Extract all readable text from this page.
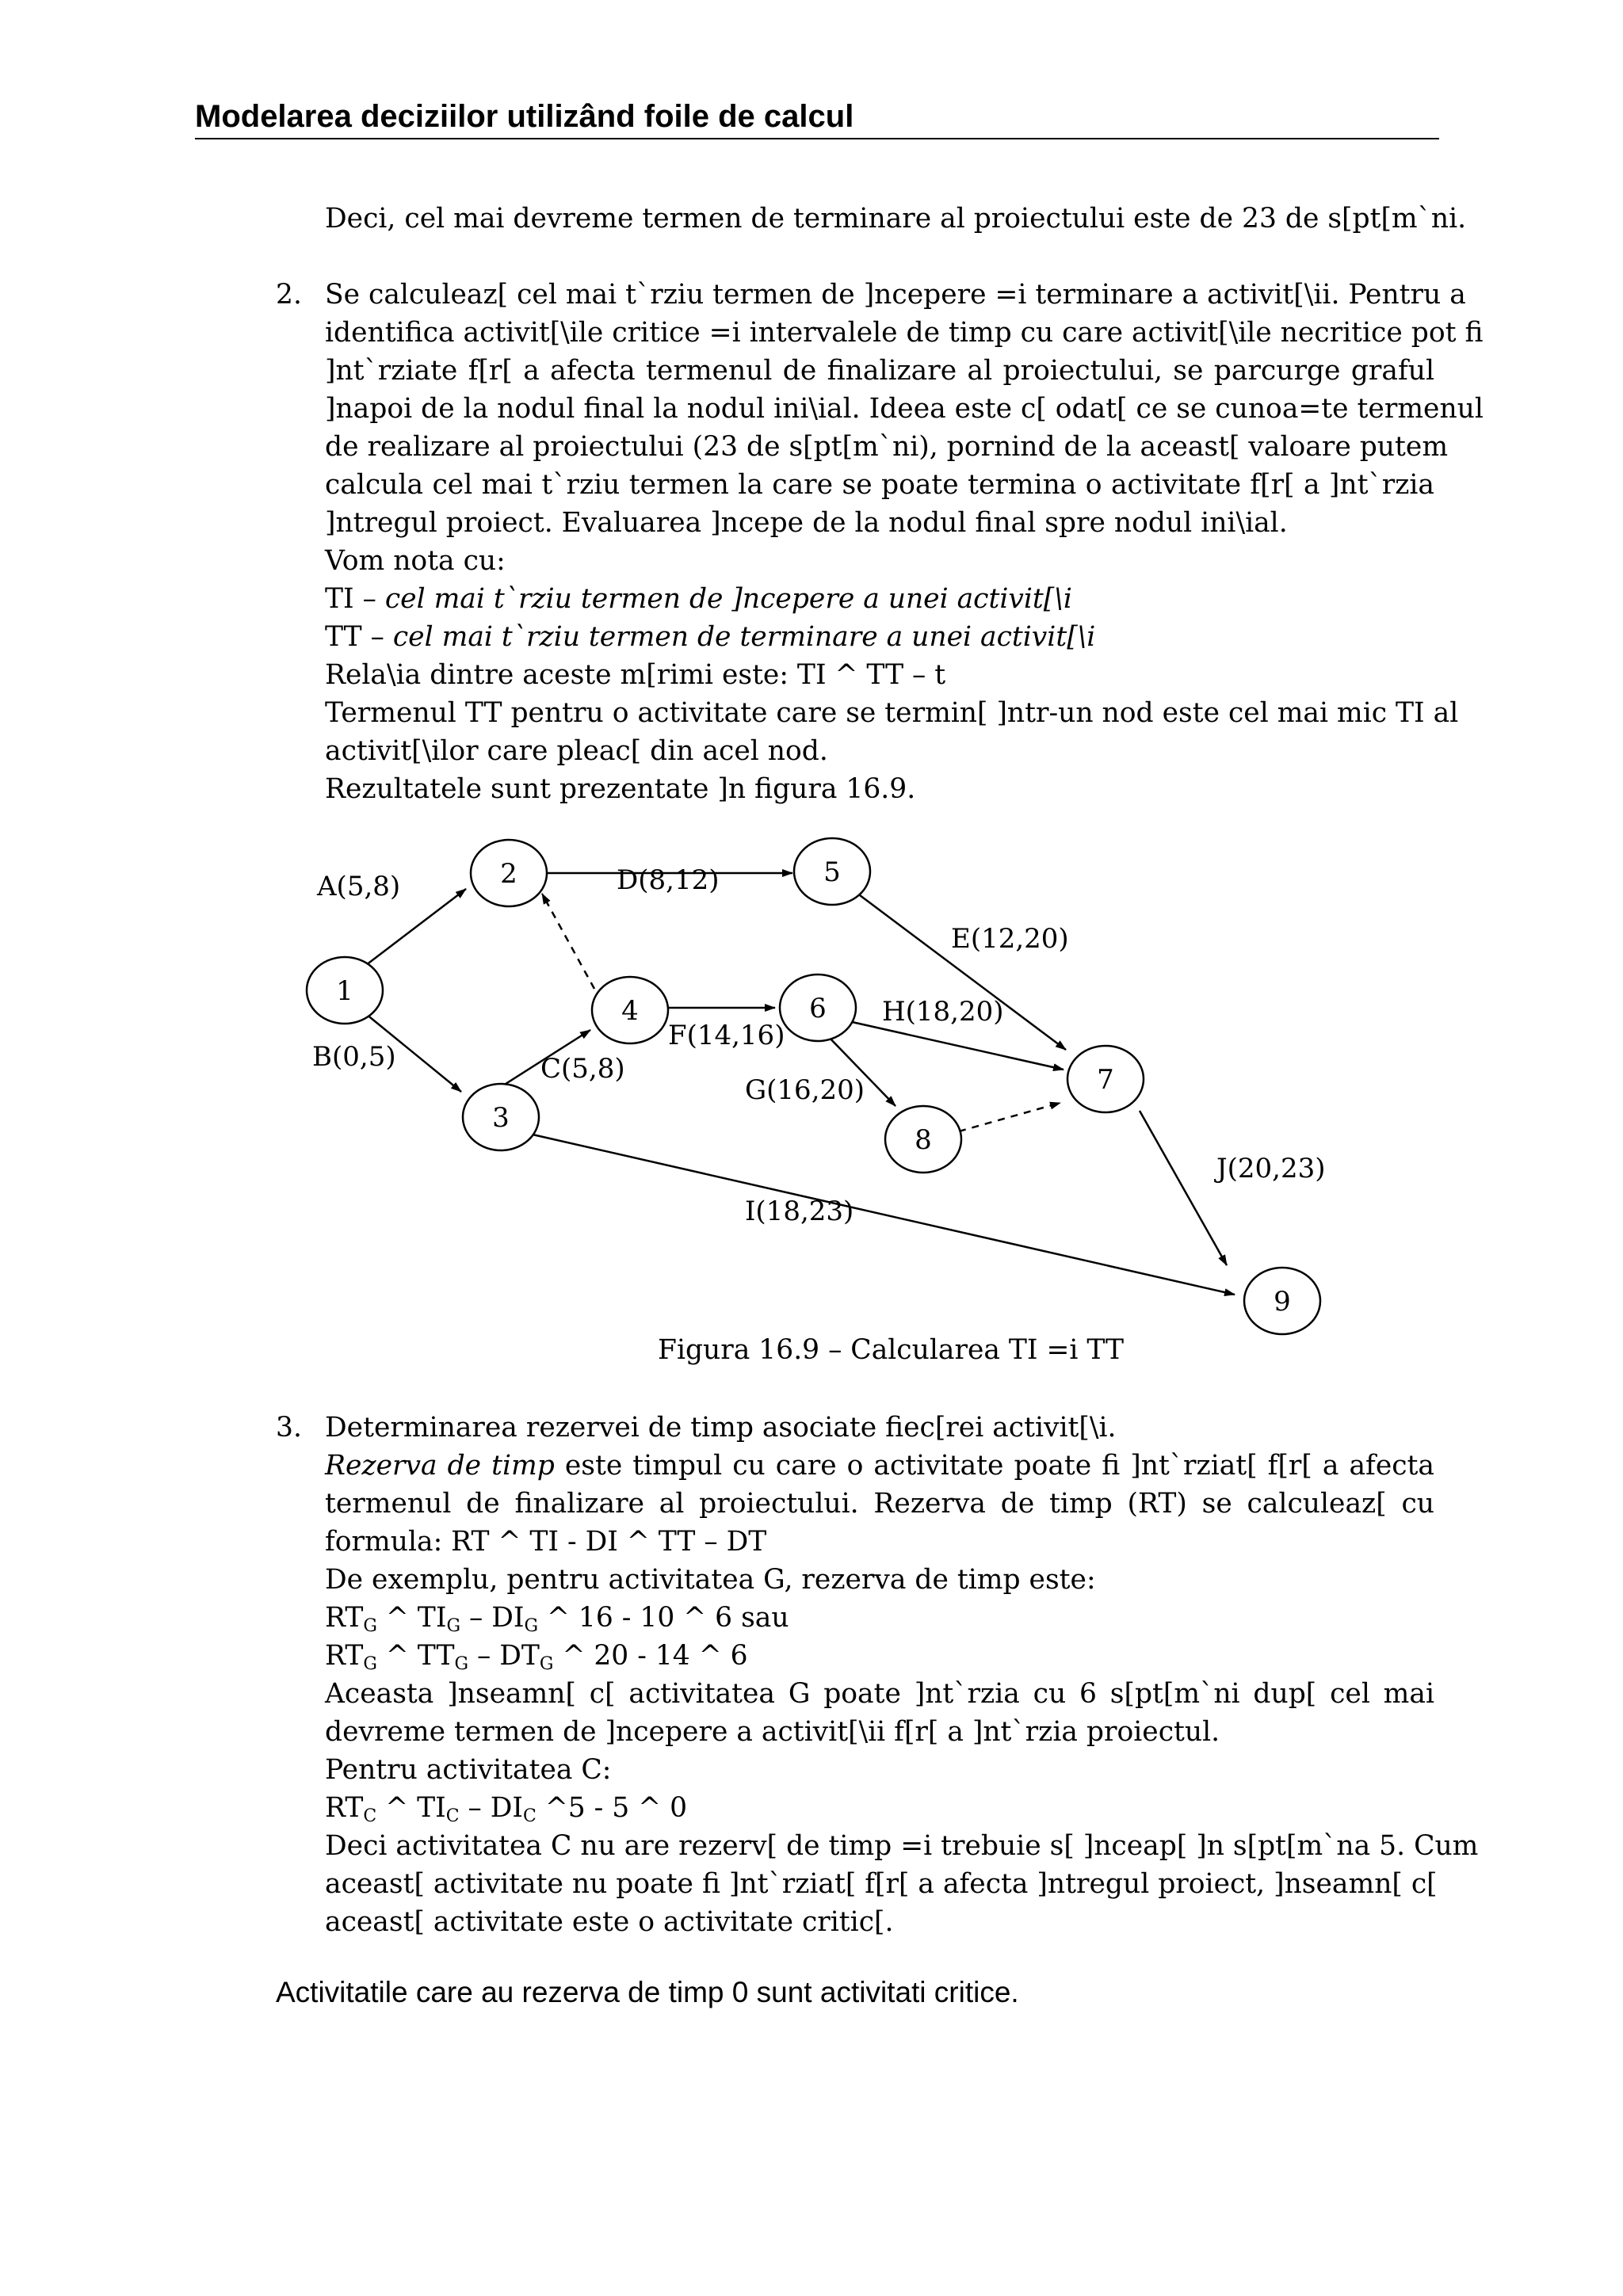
Modelarea deciziilor utilizând foile de calcul
Deci, cel mai devreme termen de terminare al proiectului este de 23 de s[pt[m`ni.
2. Se calculeaz[ cel mai t`rziu termen de ]ncepere =i terminare a activit[\ii. Pentru a
identifica activit[\ile critice =i intervalele de timp cu care activit[\ile necritice pot fi
]nt`rziate f[r[ a afecta termenul de finalizare al proiectului, se parcurge graful
]napoi de la nodul final la nodul ini\ial. Ideea este c[ odat[ ce se cunoa=te termenul
de realizare al proiectului (23 de s[pt[m`ni), pornind de la aceast[ valoare putem
calcula cel mai t`rziu termen la care se poate termina o activitate f[r[ a ]nt`rzia
]ntregul proiect. Evaluarea ]ncepe de la nodul final spre nodul ini\ial.
Vom nota cu:
TI – cel mai t`rziu termen de ]ncepere a unei activit[\i
TT – cel mai t`rziu termen de terminare a unei activit[\i
Rela\ia dintre aceste m[rimi este: TI ^ TT – t
Termenul TT pentru o activitate care se termin[ ]ntr-un nod este cel mai mic TI al
activit[\ilor care pleac[ din acel nod.
Rezultatele sunt prezentate ]n figura 16.9.
1
2
3
4
5
6
7
8
9
A(5,8)
B(0,5)	C(5,8)
D(8,12)
E(12,20)
F(14,16)
H(18,20)
G(16,20)
I(18,23)
J(20,23)
Figura 16.9 – Calcularea TI =i TT
3. Determinarea rezervei de timp asociate fiec[rei activit[\i.
Rezerva de timp este timpul cu care o activitate poate fi ]nt`rziat[ f[r[ a afecta
termenul de finalizare al proiectului. Rezerva de timp (RT) se calculeaz[ cu
formula: RT ^ TI - DI ^ TT – DT
De exemplu, pentru activitatea G, rezerva de timp este:
$RT_G$ ^ $TI_G - DI_G$ ^ 16 - 10 ^ 6 sau
$RT_G$ ^ $TT_G - DT_G$ ^ 20 - 14 ^ 6
Aceasta ]nseamn[ c[ activitatea G poate ]nt`rzia cu 6 s[pt[m`ni dup[ cel mai
devreme termen de ]ncepere a activit[\ii f[r[ a ]nt`rzia proiectul.
Pentru activitatea C:
$RT_C$ ^ $TI_C - DI_C$ ^5 - 5 ^ 0
Deci activitatea C nu are rezerv[ de timp =i trebuie s[ ]nceap[ ]n s[pt[m`na 5. Cum
aceast[ activitate nu poate fi ]nt`rziat[ f[r[ a afecta ]ntregul proiect, ]nseamn[ c[
aceast[ activitate este o activitate critic[.
Activitatile care au rezerva de timp 0 sunt activitati critice.
